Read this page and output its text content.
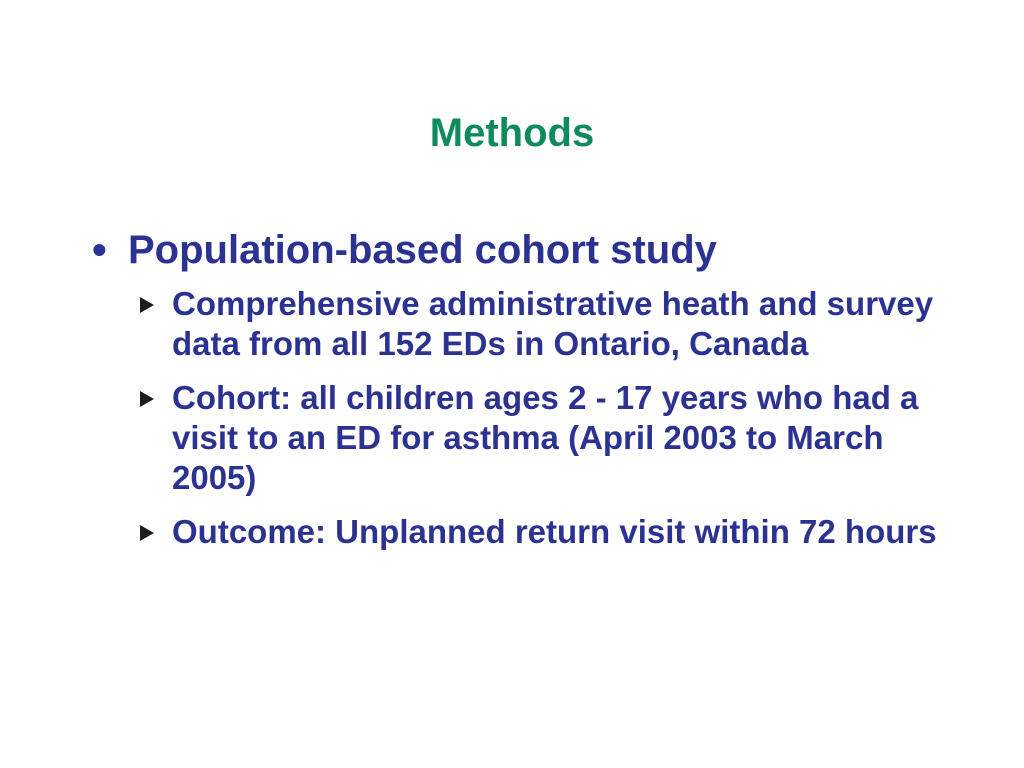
Methods
• Population-based cohort study
Comprehensive administrative heath and survey data from all 152 EDs in Ontario, Canada
Cohort: all children ages 2 - 17 years who had a visit to an ED for asthma (April 2003 to March 2005)
Outcome: Unplanned return visit within 72 hours
